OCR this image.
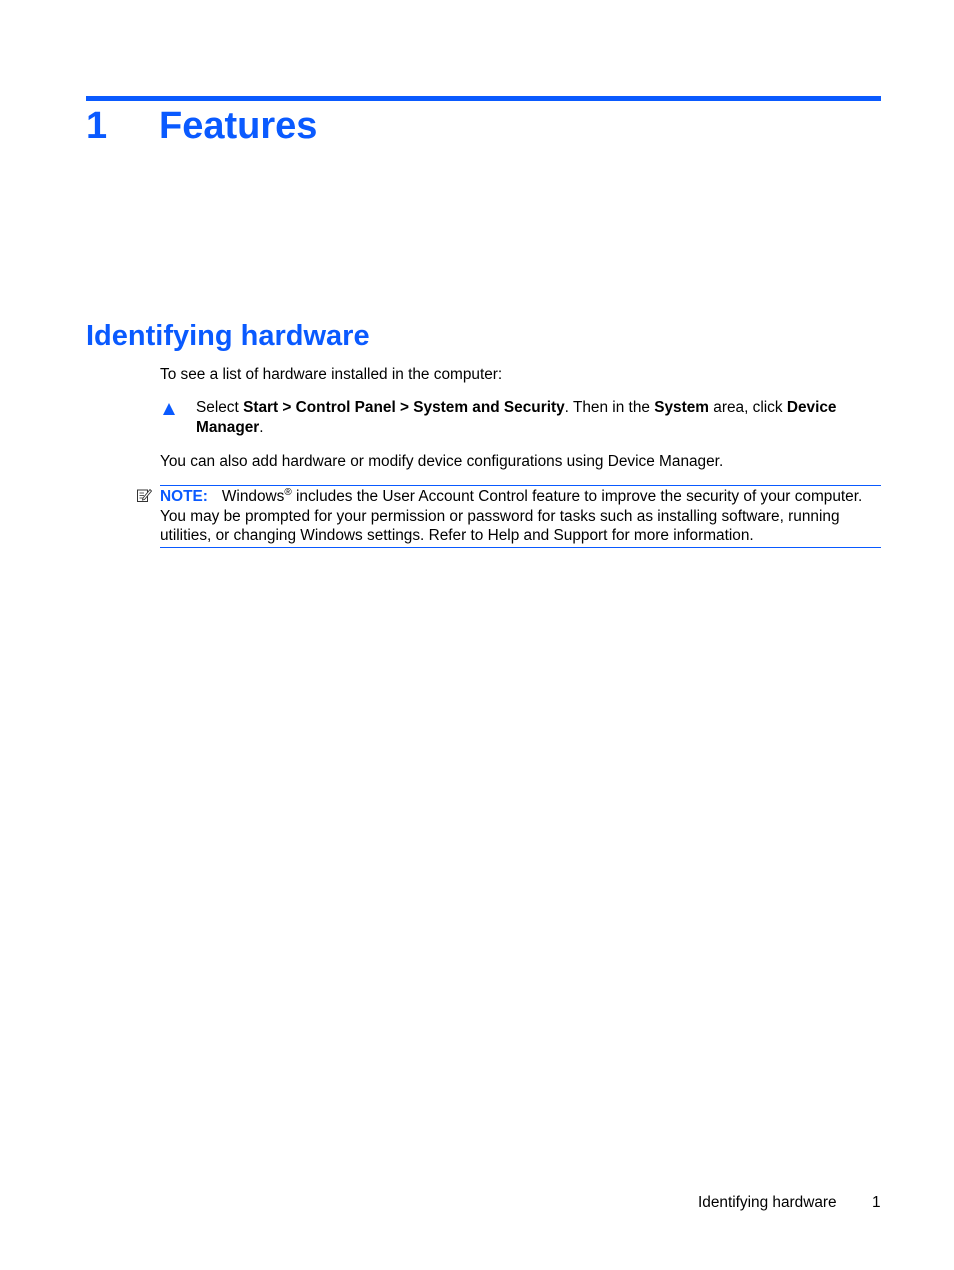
1 Features
Identifying hardware
To see a list of hardware installed in the computer:
Select Start > Control Panel > System and Security. Then in the System area, click Device Manager.
You can also add hardware or modify device configurations using Device Manager.
NOTE: Windows® includes the User Account Control feature to improve the security of your computer. You may be prompted for your permission or password for tasks such as installing software, running utilities, or changing Windows settings. Refer to Help and Support for more information.
Identifying hardware 1
